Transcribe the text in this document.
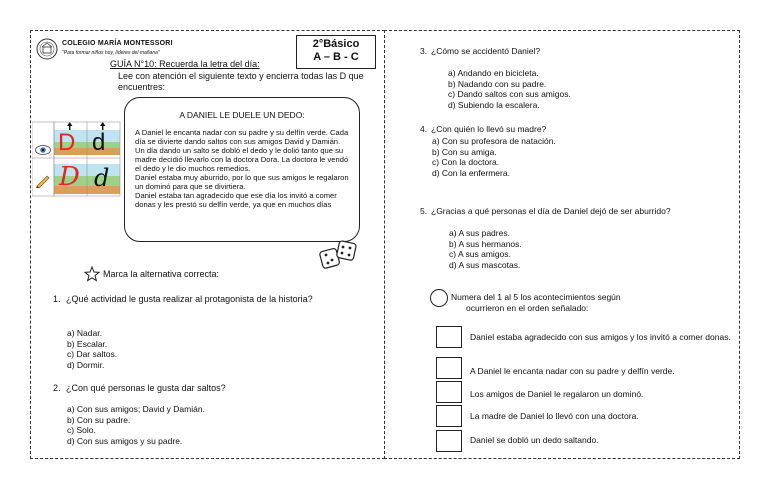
COLEGIO MARÍA MONTESSORI
"Para formar niños hoy, líderes del mañana"
2°Básico
A – B - C
GUÍA N°10: Recuerda la letra del día:
Lee con atención el siguiente texto y encierra todas las D que encuentres:
D d
D d
A DANIEL LE DUELE UN DEDO:

A Daniel le encanta nadar con su padre y su delfín verde. Cada día se divierte dando saltos con sus amigos David y Damián.

Un día dando un salto se dobló el dedo y le dolió tanto que su madre decidió llevarlo con la doctora Dora. La doctora le vendó el dedo y le dio muchos remedios.

Daniel estaba muy aburrido, por lo que sus amigos le regalaron un dominó para que se divirtiera.

Daniel estaba tan agradecido que ese día los invitó a comer donas y les prestó su delfín verde, ya que en muchos días

Marca la alternativa correcta:
1. ¿Qué actividad le gusta realizar al protagonista de la historia?
a) Nadar.
b) Escalar.
c) Dar saltos.
d) Dormir.
2. ¿Con qué personas le gusta dar saltos?
a) Con sus amigos; David y Damián.
b) Con su padre.
c) Solo.
d) Con sus amigos y su padre.
3. ¿Cómo se accidentó Daniel?
a) Andando en bicicleta.
b) Nadando con su padre.
c) Dando saltos con sus amigos.
d) Subiendo la escalera.
4. ¿Con quién lo llevó su madre?
a) Con su profesora de natación.
b) Con su amiga.
c) Con la doctora.
d) Con la enfermera.
5. ¿Gracias a qué personas el día de Daniel dejó de ser aburrido?
a) A sus padres.
b) A sus hermanos.
c) A sus amigos.
d) A sus mascotas.
Numera del 1 al 5 los acontecimientos según
ocurrieron en el orden señalado:
Daniel estaba agradecido con sus amigos y los invitó a comer donas.
A Daniel le encanta nadar con su padre y delfín verde.
Los amigos de Daniel le regalaron un dominó.
La madre de Daniel lo llevó con una doctora.
Daniel se dobló un dedo saltando.
